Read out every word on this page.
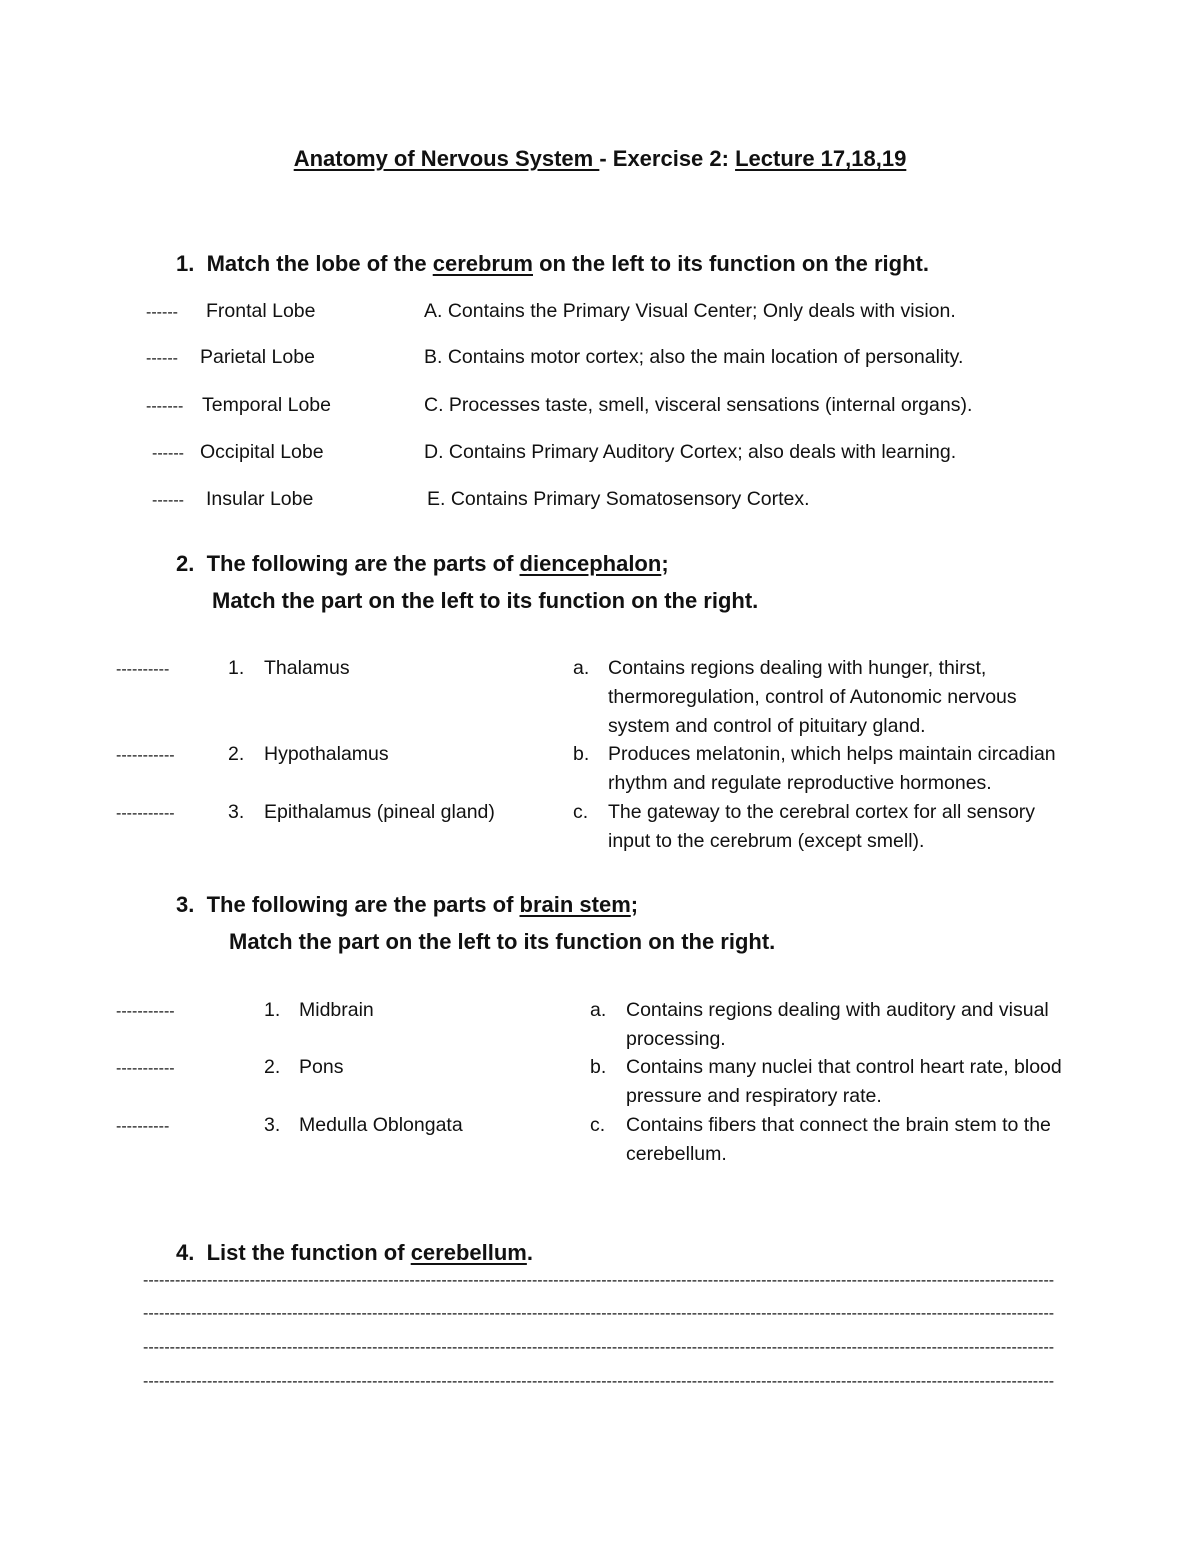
Anatomy of Nervous System - Exercise 2: Lecture 17,18,19
1. Match the lobe of the cerebrum on the left to its function on the right.
------ Frontal Lobe	A. Contains the Primary Visual Center; Only deals with vision.
------ Parietal Lobe	B. Contains motor cortex; also the main location of personality.
------- Temporal Lobe	C. Processes taste, smell, visceral sensations (internal organs).
------ Occipital Lobe	D. Contains Primary Auditory Cortex; also deals with learning.
------ Insular Lobe	E. Contains Primary Somatosensory Cortex.
2. The following are the parts of diencephalon;
Match the part on the left to its function on the right.
----------	1. Thalamus	a. Contains regions dealing with hunger, thirst,
thermoregulation, control of Autonomic nervous
system and control of pituitary gland.
-----------	2. Hypothalamus	b. Produces melatonin, which helps maintain circadian
rhythm and regulate reproductive hormones.
-----------	3. Epithalamus (pineal gland)	c. The gateway to the cerebral cortex for all sensory
input to the cerebrum (except smell).
3. The following are the parts of brain stem;
Match the part on the left to its function on the right.
-----------	1. Midbrain	a. Contains regions dealing with auditory and visual
processing.
-----------	2. Pons	b. Contains many nuclei that control heart rate, blood
pressure and respiratory rate.
----------	3. Medulla Oblongata	c. Contains fibers that connect the brain stem to the
cerebellum.
4. List the function of cerebellum.
---------------------------------------------------------------------------------------------------------------------------------------------------------------------------
---------------------------------------------------------------------------------------------------------------------------------------------------------------------------
---------------------------------------------------------------------------------------------------------------------------------------------------------------------------
---------------------------------------------------------------------------------------------------------------------------------------------------------------------------
